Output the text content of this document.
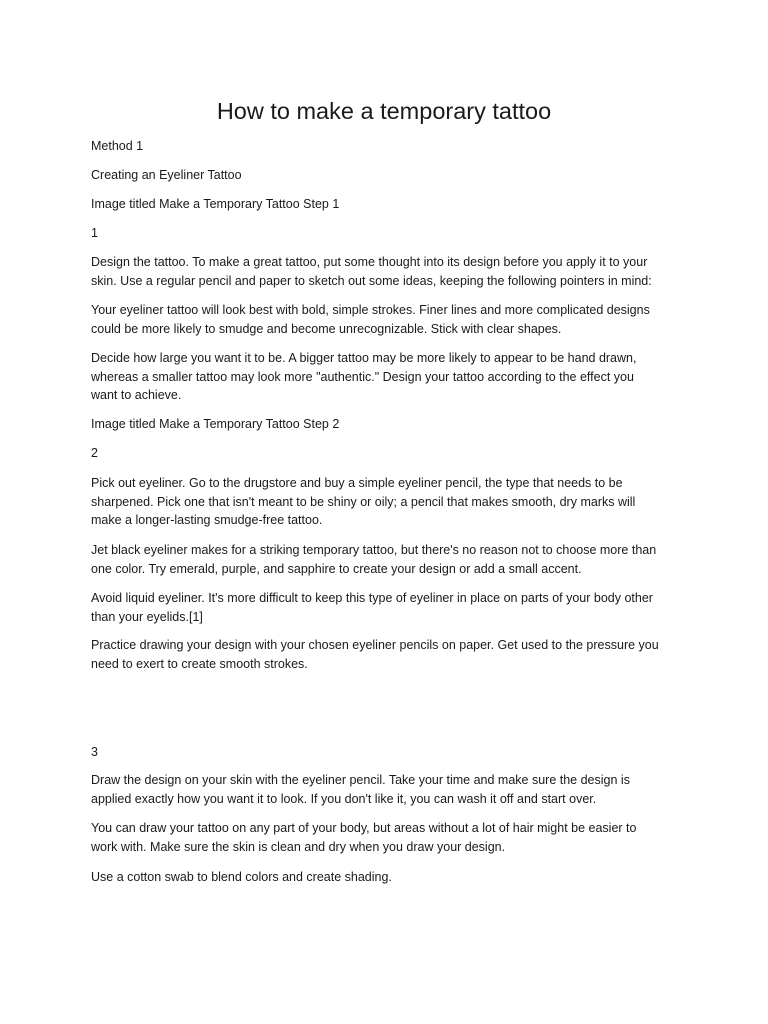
How to make a temporary tattoo

Method 1

Creating an Eyeliner Tattoo

Image titled Make a Temporary Tattoo Step 1

1

Design the tattoo. To make a great tattoo, put some thought into its design before you apply it to your
skin. Use a regular pencil and paper to sketch out some ideas, keeping the following pointers in mind:

Your eyeliner tattoo will look best with bold, simple strokes. Finer lines and more complicated designs
could be more likely to smudge and become unrecognizable. Stick with clear shapes.

Decide how large you want it to be. A bigger tattoo may be more likely to appear to be hand drawn,
whereas a smaller tattoo may look more "authentic." Design your tattoo according to the effect you
want to achieve.

Image titled Make a Temporary Tattoo Step 2

2

Pick out eyeliner. Go to the drugstore and buy a simple eyeliner pencil, the type that needs to be
sharpened. Pick one that isn't meant to be shiny or oily; a pencil that makes smooth, dry marks will
make a longer-lasting smudge-free tattoo.

Jet black eyeliner makes for a striking temporary tattoo, but there's no reason not to choose more than
one color. Try emerald, purple, and sapphire to create your design or add a small accent.

Avoid liquid eyeliner. It's more difficult to keep this type of eyeliner in place on parts of your body other
than your eyelids.[1]

Practice drawing your design with your chosen eyeliner pencils on paper. Get used to the pressure you
need to exert to create smooth strokes.

3

Draw the design on your skin with the eyeliner pencil. Take your time and make sure the design is
applied exactly how you want it to look. If you don't like it, you can wash it off and start over.

You can draw your tattoo on any part of your body, but areas without a lot of hair might be easier to
work with. Make sure the skin is clean and dry when you draw your design.

Use a cotton swab to blend colors and create shading.
